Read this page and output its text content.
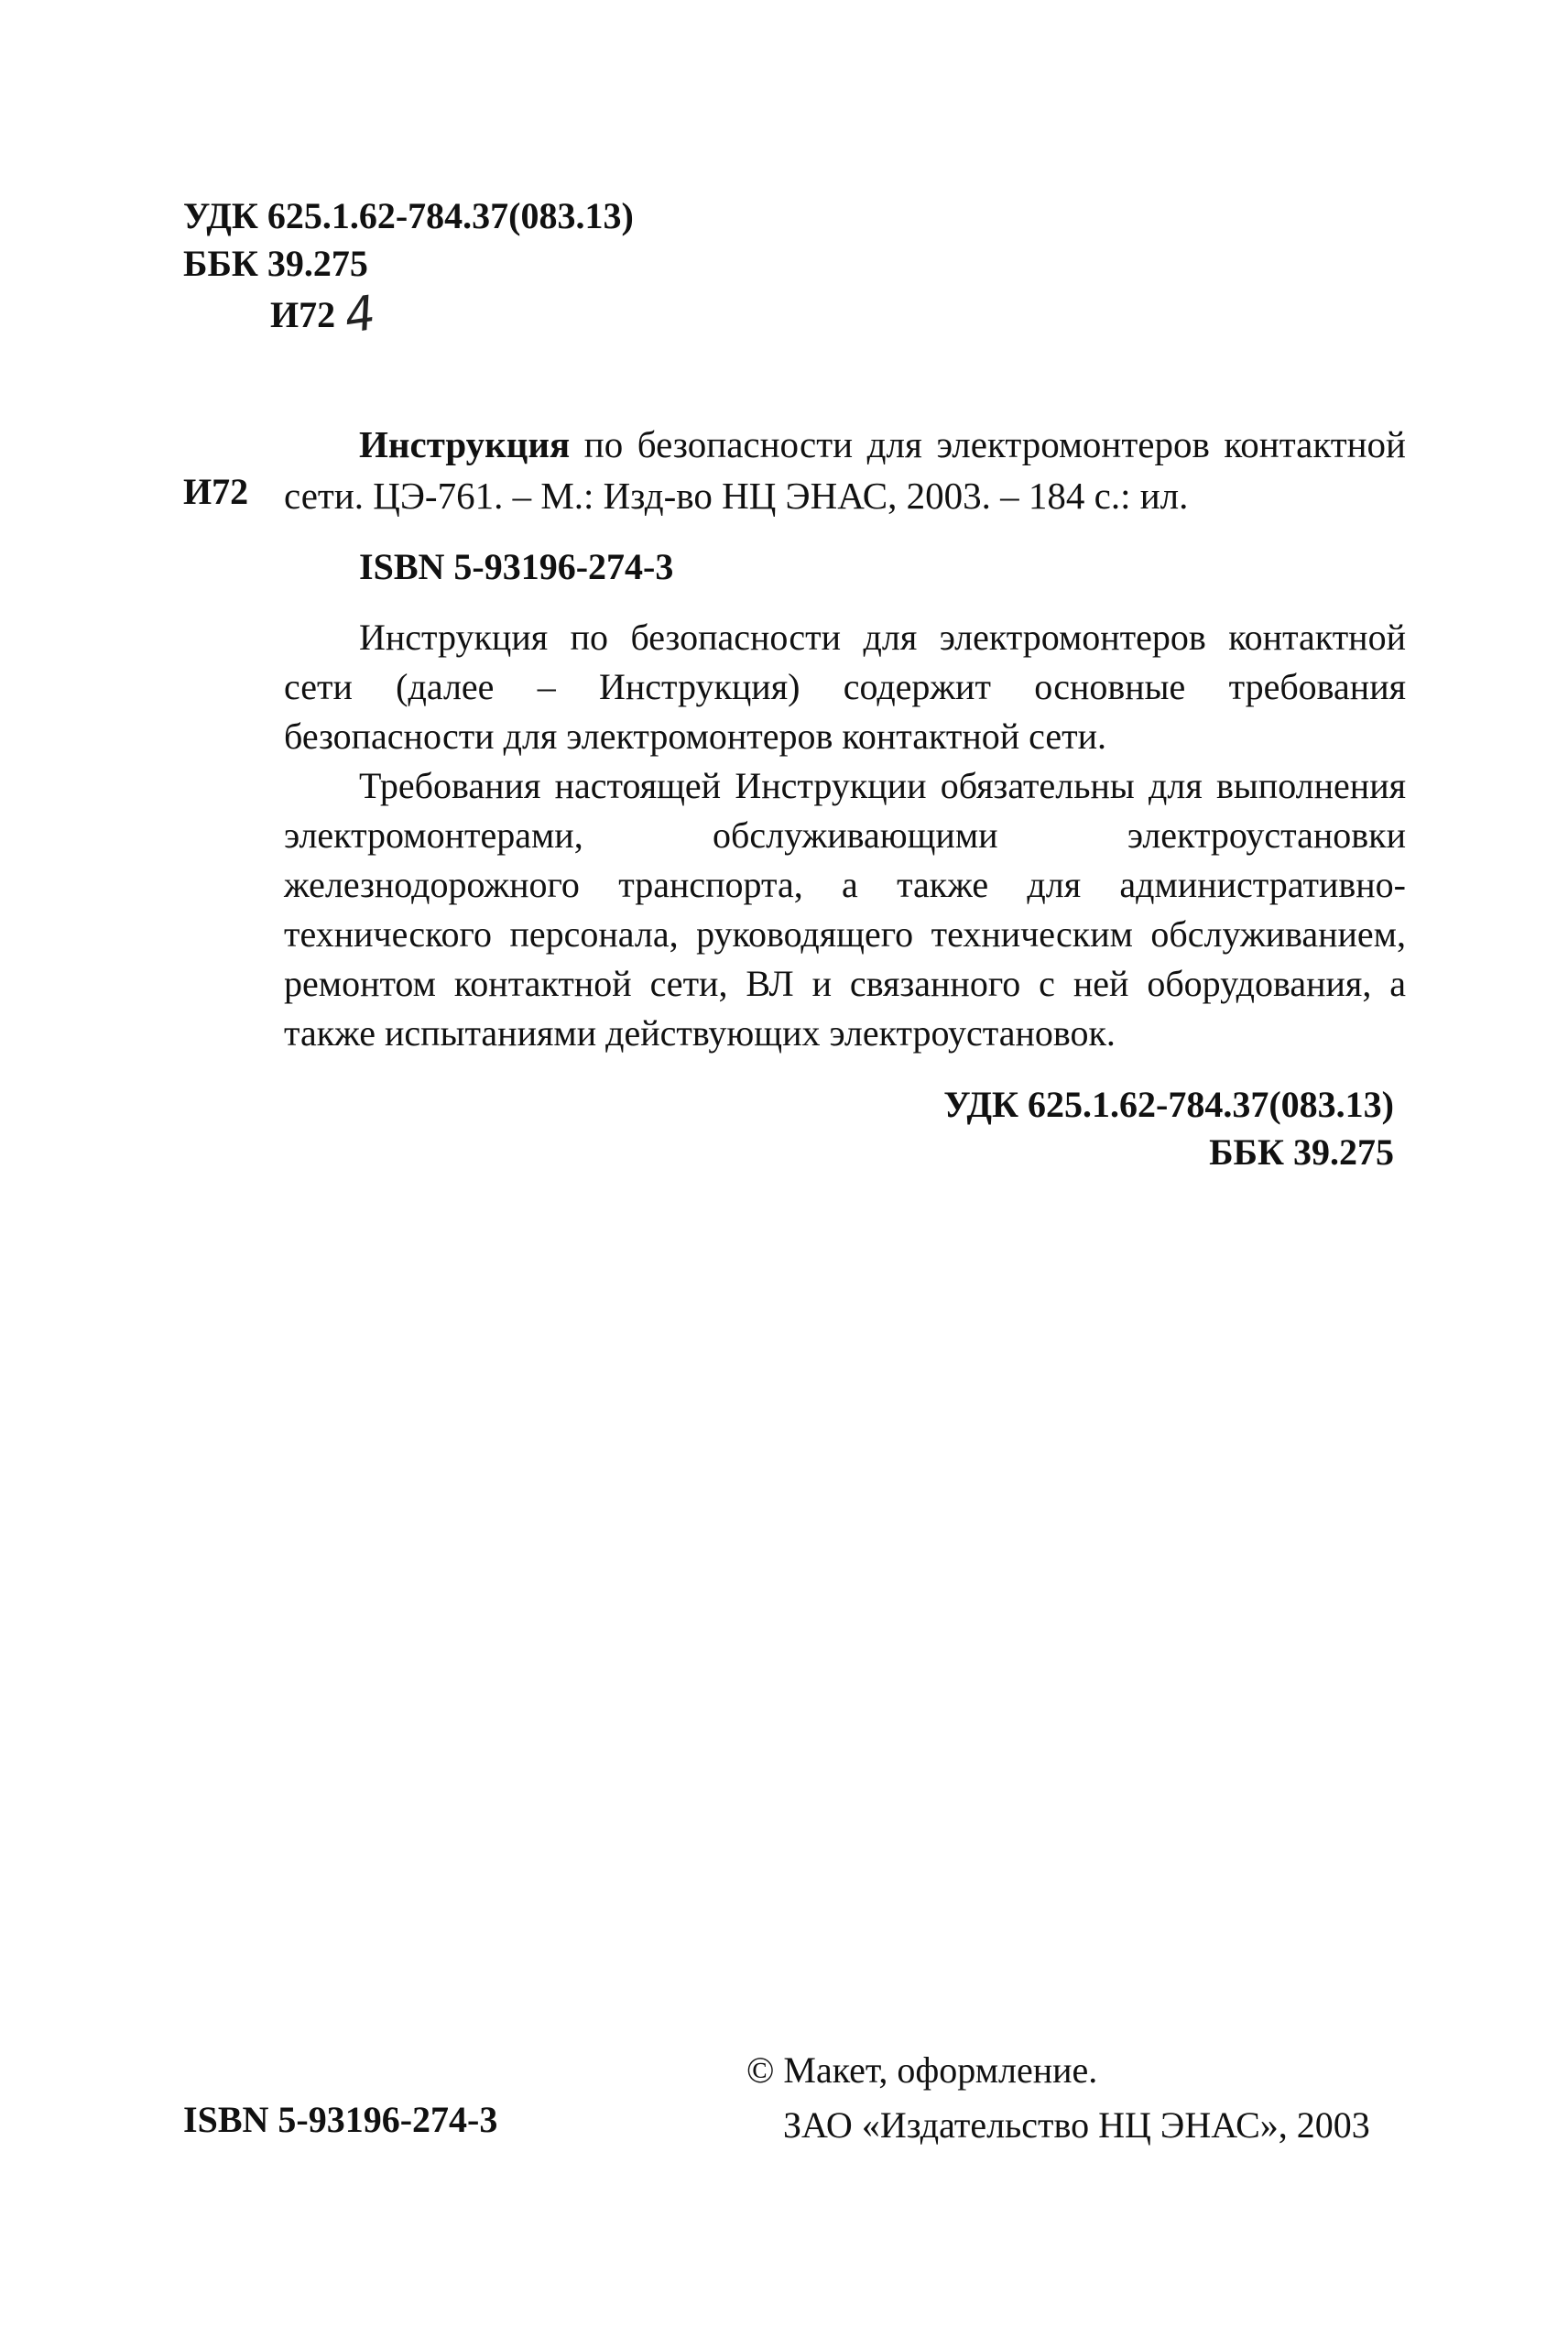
УДК 625.1.62-784.37(083.13)
ББК 39.275
И72 4
И72

Инструкция по безопасности для электромонтеров контактной сети. ЦЭ-761. – М.: Изд-во НЦ ЭНАС, 2003. – 184 с.: ил.

ISBN 5-93196-274-3

Инструкция по безопасности для электромонтеров контактной сети (далее – Инструкция) содержит основные требования безопасности для электромонтеров контактной сети.

Требования настоящей Инструкции обязательны для выполнения электромонтерами, обслуживающими электроустановки железнодорожного транспорта, а также для административно-технического персонала, руководящего техническим обслуживанием, ремонтом контактной сети, ВЛ и связанного с ней оборудования, а также испытаниями действующих электроустановок.

УДК 625.1.62-784.37(083.13)
ББК 39.275
ISBN 5-93196-274-3
© Макет, оформление.
ЗАО «Издательство НЦ ЭНАС», 2003
